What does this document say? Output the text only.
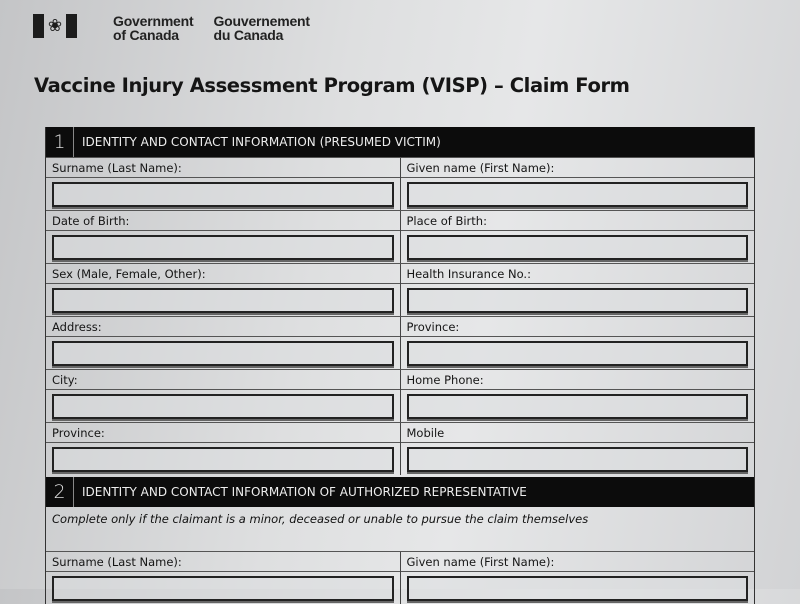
❀	Government
of Canada
Gouvernement
du Canada
Vaccine Injury Assessment Program (VISP) – Claim Form
1	IDENTITY AND CONTACT INFORMATION (PRESUMED VICTIM)
Surname (Last Name):	Given name (First Name):
Date of Birth:	Place of Birth:
Sex (Male, Female, Other):	Health Insurance No.:
Address:	Province:
City:	Home Phone:
Province:	Mobile
2	IDENTITY AND CONTACT INFORMATION OF AUTHORIZED REPRESENTATIVE
Complete only if the claimant is a minor, deceased or unable to pursue the claim themselves
Surname (Last Name):	Given name (First Name):
